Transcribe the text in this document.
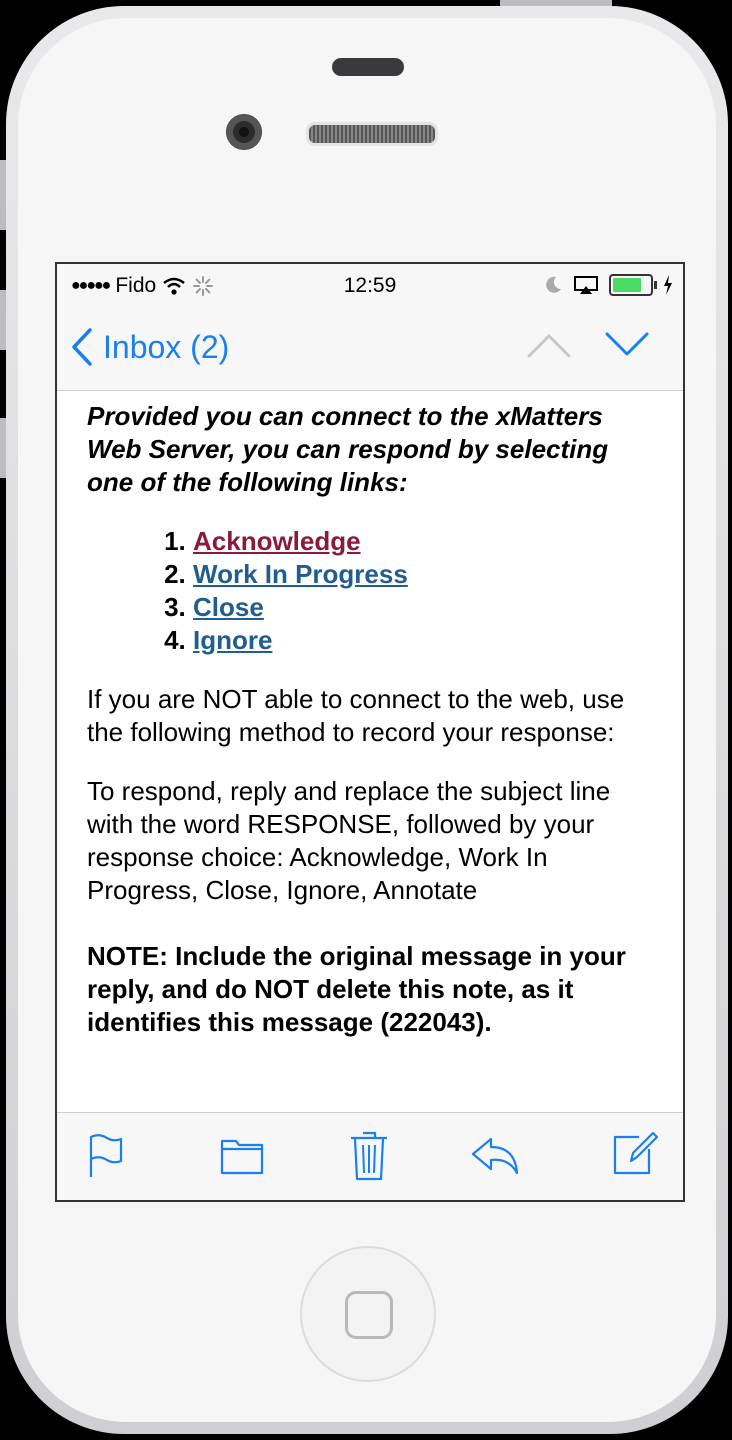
●●●●● Fido	12:59
Inbox (2)

Provided you can connect to the xMatters Web Server, you can respond by selecting one of the following links:

1. Acknowledge
2. Work In Progress
3. Close
4. Ignore

If you are NOT able to connect to the web, use the following method to record your response:

To respond, reply and replace the subject line with the word RESPONSE, followed by your response choice: Acknowledge, Work In Progress, Close, Ignore, Annotate

NOTE: Include the original message in your reply, and do NOT delete this note, as it identifies this message (222043).
